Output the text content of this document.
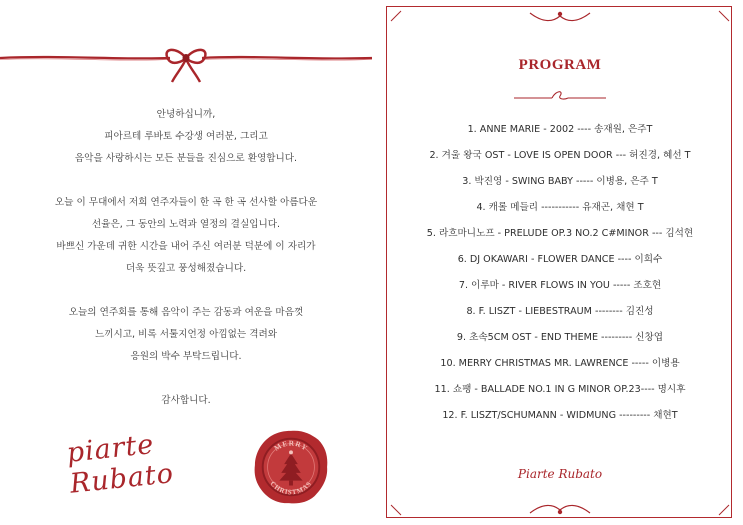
안녕하십니까,
피아르테 루바토 수강생 여러분, 그리고
음악을 사랑하시는 모든 분들을 진심으로 환영합니다.
오늘 이 무대에서 저희 연주자들이 한 곡 한 곡 선사할 아름다운
선율은, 그 동안의 노력과 열정의 결실입니다.
바쁘신 가운데 귀한 시간을 내어 주신 여러분 덕분에 이 자리가
더욱 뜻깊고 풍성해졌습니다.
오늘의 연주회를 통해 음악이 주는 감동과 여운을 마음껏
느끼시고, 비록 서툴지언정 아낌없는 격려와
응원의 박수 부탁드립니다.
감사합니다.
piarte Rubato
MERRY
CHRISTMAS
PROGRAM
1. ANNE MARIE - 2002 ---- 송재원, 은주T
2. 겨울 왕국 OST - LOVE IS OPEN DOOR --- 허진경, 혜선 T
3. 박진영 - SWING BABY ----- 이병용, 은주 T
4. 캐롤 메들리 ----------- 유재곤, 채현 T
5. 라흐마니노프 - PRELUDE OP.3 NO.2 C#MINOR --- 김석현
6. DJ OKAWARI - FLOWER DANCE ---- 이희수
7. 이루마 - RIVER FLOWS IN YOU ----- 조호현
8. F. LISZT - LIEBESTRAUM -------- 김진성
9. 초속5CM OST - END THEME --------- 신창엽
10. MERRY CHRISTMAS MR. LAWRENCE ----- 이병용
11. 쇼팽 - BALLADE NO.1 IN G MINOR OP.23---- 명시후
12. F. LISZT/SCHUMANN - WIDMUNG --------- 채현T
Piarte Rubato
